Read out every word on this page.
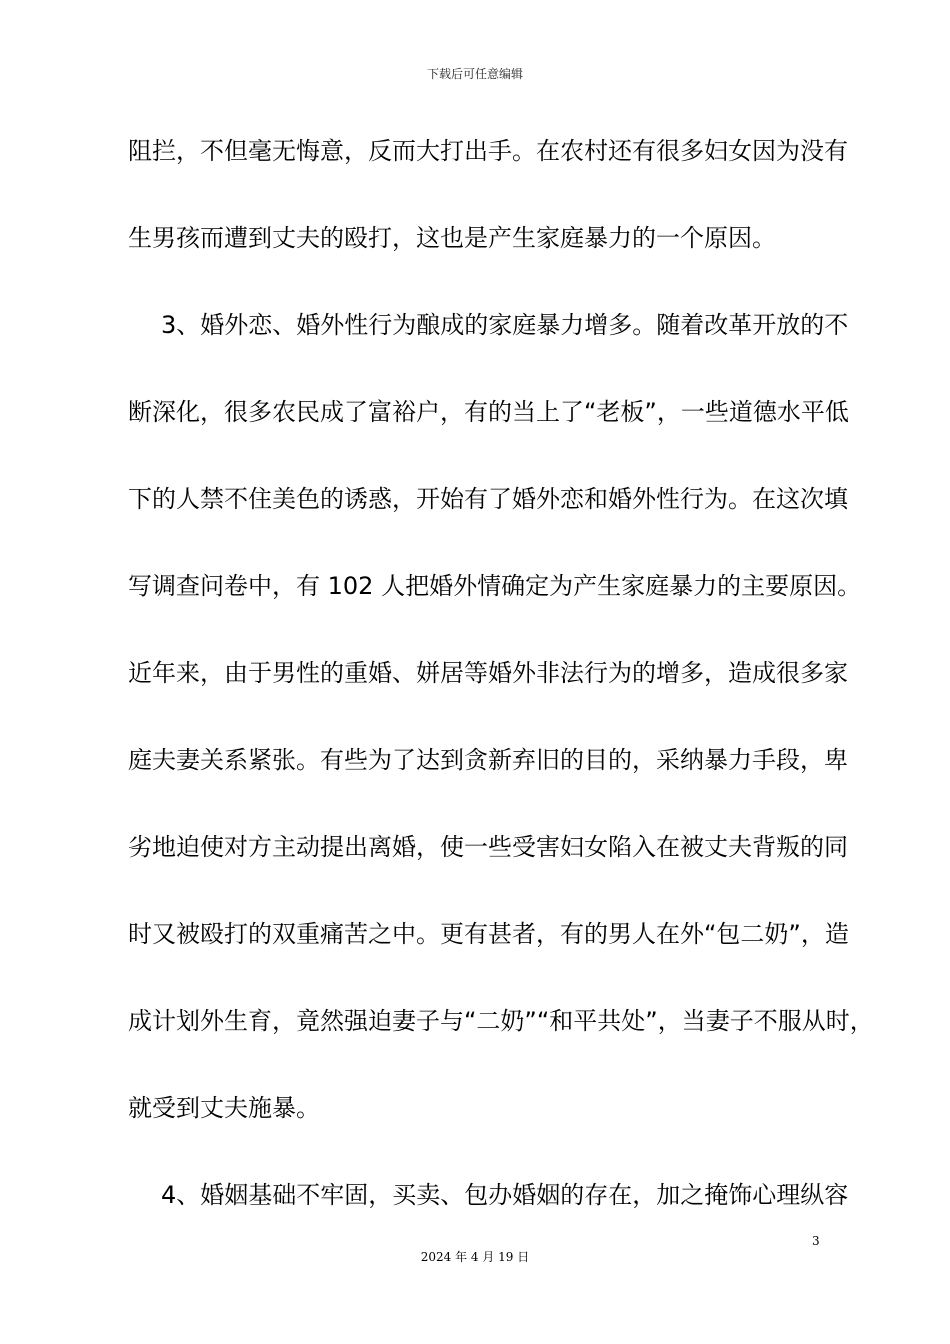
下载后可任意编辑
阻拦，不但毫无悔意，反而大打出手。在农村还有很多妇女因为没有
生男孩而遭到丈夫的殴打，这也是产生家庭暴力的一个原因。
3、婚外恋、婚外性行为酿成的家庭暴力增多。随着改革开放的不
断深化，很多农民成了富裕户，有的当上了“老板”，一些道德水平低
下的人禁不住美色的诱惑，开始有了婚外恋和婚外性行为。在这次填
写调查问卷中，有 102 人把婚外情确定为产生家庭暴力的主要原因。
近年来，由于男性的重婚、姘居等婚外非法行为的增多，造成很多家
庭夫妻关系紧张。有些为了达到贪新弃旧的目的，采纳暴力手段，卑
劣地迫使对方主动提出离婚，使一些受害妇女陷入在被丈夫背叛的同
时又被殴打的双重痛苦之中。更有甚者，有的男人在外“包二奶”，造
成计划外生育，竟然强迫妻子与“二奶”“和平共处”，当妻子不服从时，
就受到丈夫施暴。
4、婚姻基础不牢固，买卖、包办婚姻的存在，加之掩饰心理纵容
3
2024 年 4 月 19 日
